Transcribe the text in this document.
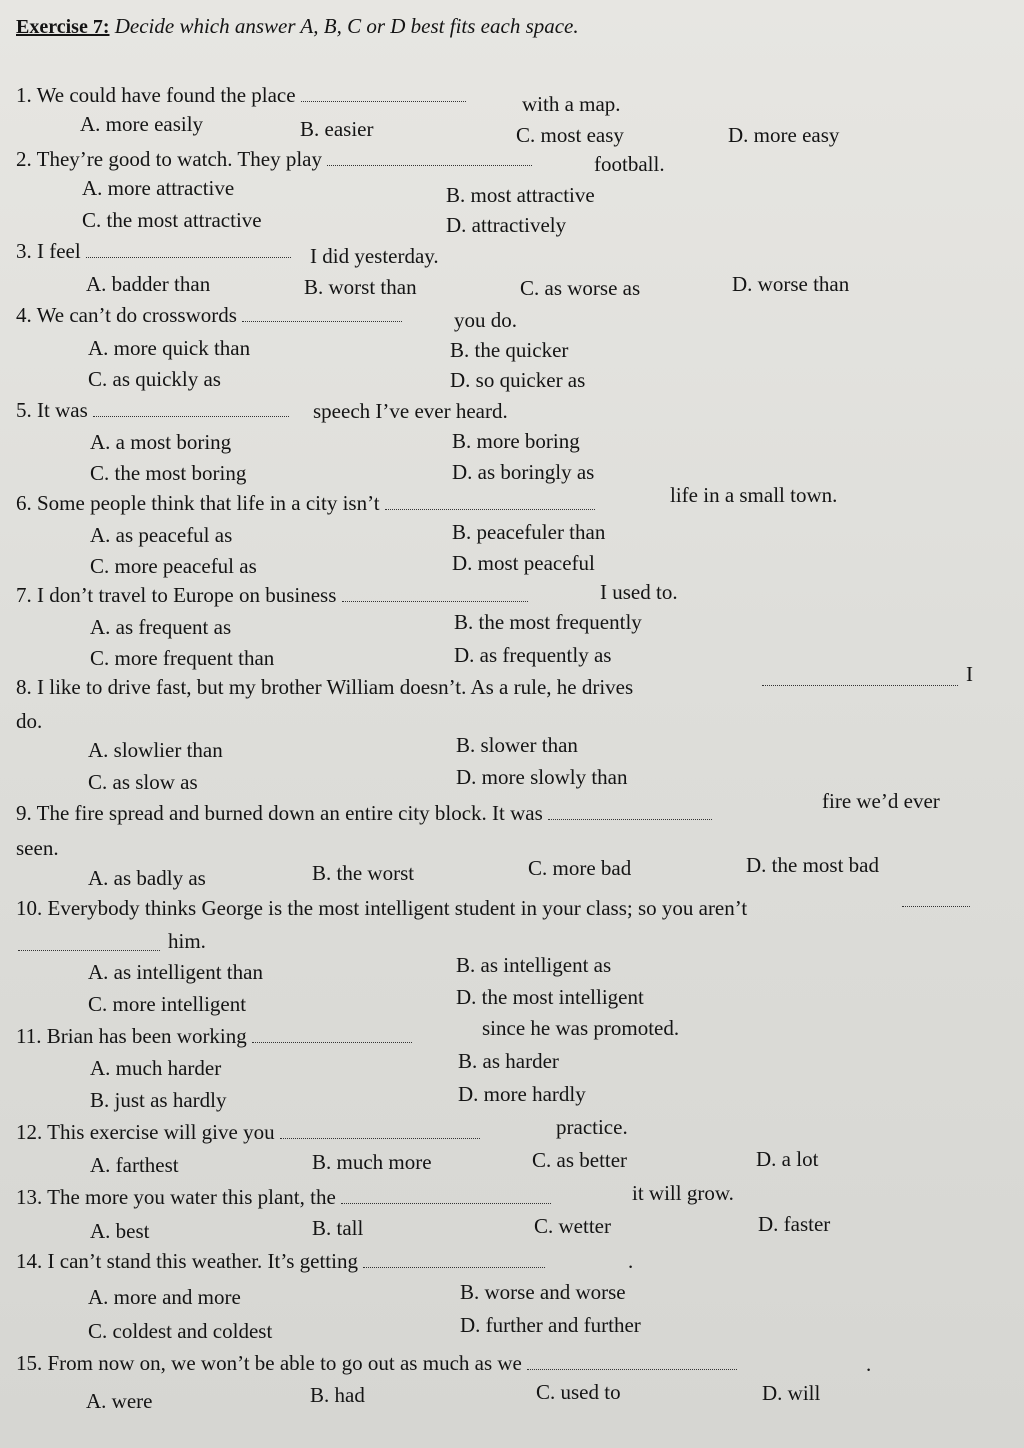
Exercise 7: Decide which answer A, B, C or D best fits each space.
1. We could have found the place	with a map.
A. more easily	B. easier	C. most easy	D. more easy
2. They’re good to watch. They play	football.
A. more attractive	B. most attractive
C. the most attractive	D. attractively
3. I feel	I did yesterday.
A. badder than	B. worst than	C. as worse as	D. worse than
4. We can’t do crosswords	you do.
A. more quick than	B. the quicker
C. as quickly as	D. so quicker as
5. It was	speech I’ve ever heard.
A. a most boring	B. more boring
C. the most boring	D. as boringly as
6. Some people think that life in a city isn’t	life in a small town.
A. as peaceful as	B. peacefuler than
C. more peaceful as	D. most peaceful
7. I don’t travel to Europe on business	I used to.
A. as frequent as	B. the most frequently
C. more frequent than	D. as frequently as
8. I like to drive fast, but my brother William doesn’t. As a rule, he drives
I
do.
A. slowlier than	B. slower than
C. as slow as	D. more slowly than
9. The fire spread and burned down an entire city block. It was	fire we’d ever
seen.
A. as badly as	B. the worst	C. more bad	D. the most bad
10. Everybody thinks George is the most intelligent student in your class; so you aren’t
him.
A. as intelligent than	B. as intelligent as
C. more intelligent	D. the most intelligent
11. Brian has been working	since he was promoted.
A. much harder	B. as harder
B. just as hardly	D. more hardly
12. This exercise will give you	practice.
A. farthest	B. much more	C. as better	D. a lot
13. The more you water this plant, the	it will grow.
A. best	B. tall	C. wetter	D. faster
14. I can’t stand this weather. It’s getting	.
A. more and more	B. worse and worse
C. coldest and coldest	D. further and further
15. From now on, we won’t be able to go out as much as we	.
A. were	B. had	C. used to	D. will
